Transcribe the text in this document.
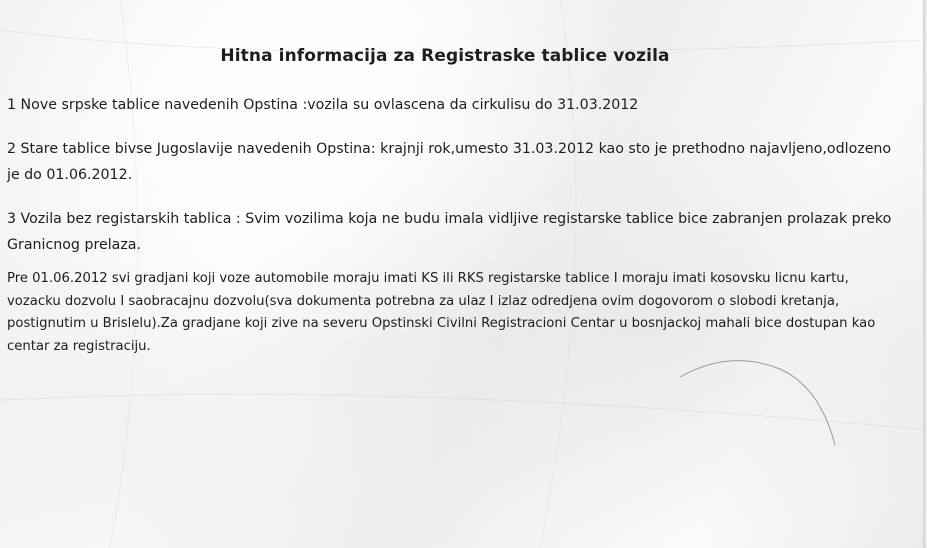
Hitna informacija za Registraske tablice vozila

1 Nove srpske tablice navedenih Opstina :vozila su ovlascena da cirkulisu do 31.03.2012

2 Stare tablice bivse Jugoslavije navedenih Opstina: krajnji rok,umesto 31.03.2012 kao sto je prethodno najavljeno,odlozeno je do 01.06.2012.

3 Vozila bez registarskih tablica : Svim vozilima koja ne budu imala vidljive registarske tablice bice zabranjen prolazak preko Granicnog prelaza.

Pre 01.06.2012 svi gradjani koji voze automobile moraju imati KS ili RKS registarske tablice I moraju imati kosovsku licnu kartu, vozacku dozvolu I saobracajnu dozvolu(sva dokumenta potrebna za ulaz I izlaz odredjena ovim dogovorom o slobodi kretanja, postignutim u Brislelu).Za gradjane koji zive na severu Opstinski Civilni Registracioni Centar u bosnjackoj mahali bice dostupan kao centar za registraciju.
